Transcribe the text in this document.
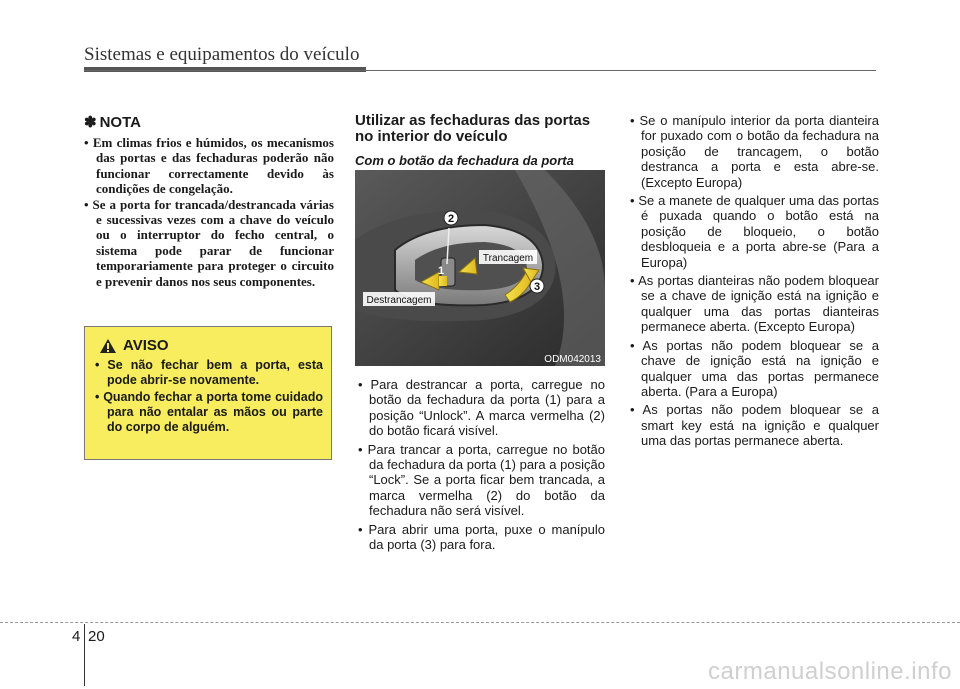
Sistemas e equipamentos do veículo
✽ NOTA
• Em climas frios e húmidos, os mecanismos das portas e das fechaduras poderão não funcionar correctamente devido às condições de congelação.
• Se a porta for trancada/destrancada várias e sucessivas vezes com a chave do veículo ou o interruptor do fecho central, o sistema pode parar de funcionar temporariamente para proteger o circuito e prevenir danos nos seus componentes.
AVISO
• Se não fechar bem a porta, esta pode abrir-se novamente.
• Quando fechar a porta tome cuidado para não entalar as mãos ou parte do corpo de alguém.
Utilizar as fechaduras das portas no interior do veículo
Com o botão da fechadura da porta
2
1
3
Trancagem
Destrancagem
ODM042013
• Para destrancar a porta, carregue no botão da fechadura da porta (1) para a posição “Unlock”. A marca vermelha (2) do botão ficará visível.
• Para trancar a porta, carregue no botão da fechadura da porta (1) para a posição “Lock”. Se a porta ficar bem trancada, a marca vermelha (2) do botão da fechadura não será visível.
• Para abrir uma porta, puxe o manípulo da porta (3) para fora.
• Se o manípulo interior da porta dianteira for puxado com o botão da fechadura na posição de trancagem, o botão destranca a porta e esta abre-se. (Excepto Europa)
• Se a manete de qualquer uma das portas é puxada quando o botão está na posição de bloqueio, o botão desbloqueia e a porta abre-se (Para a Europa)
• As portas dianteiras não podem bloquear se a chave de ignição está na ignição e qualquer uma das portas dianteiras permanece aberta. (Excepto Europa)
• As portas não podem bloquear se a chave de ignição está na ignição e qualquer uma das portas permanece aberta. (Para a Europa)
• As portas não podem bloquear se a smart key está na ignição e qualquer uma das portas permanece aberta.
4 20
carmanualsonline.info
